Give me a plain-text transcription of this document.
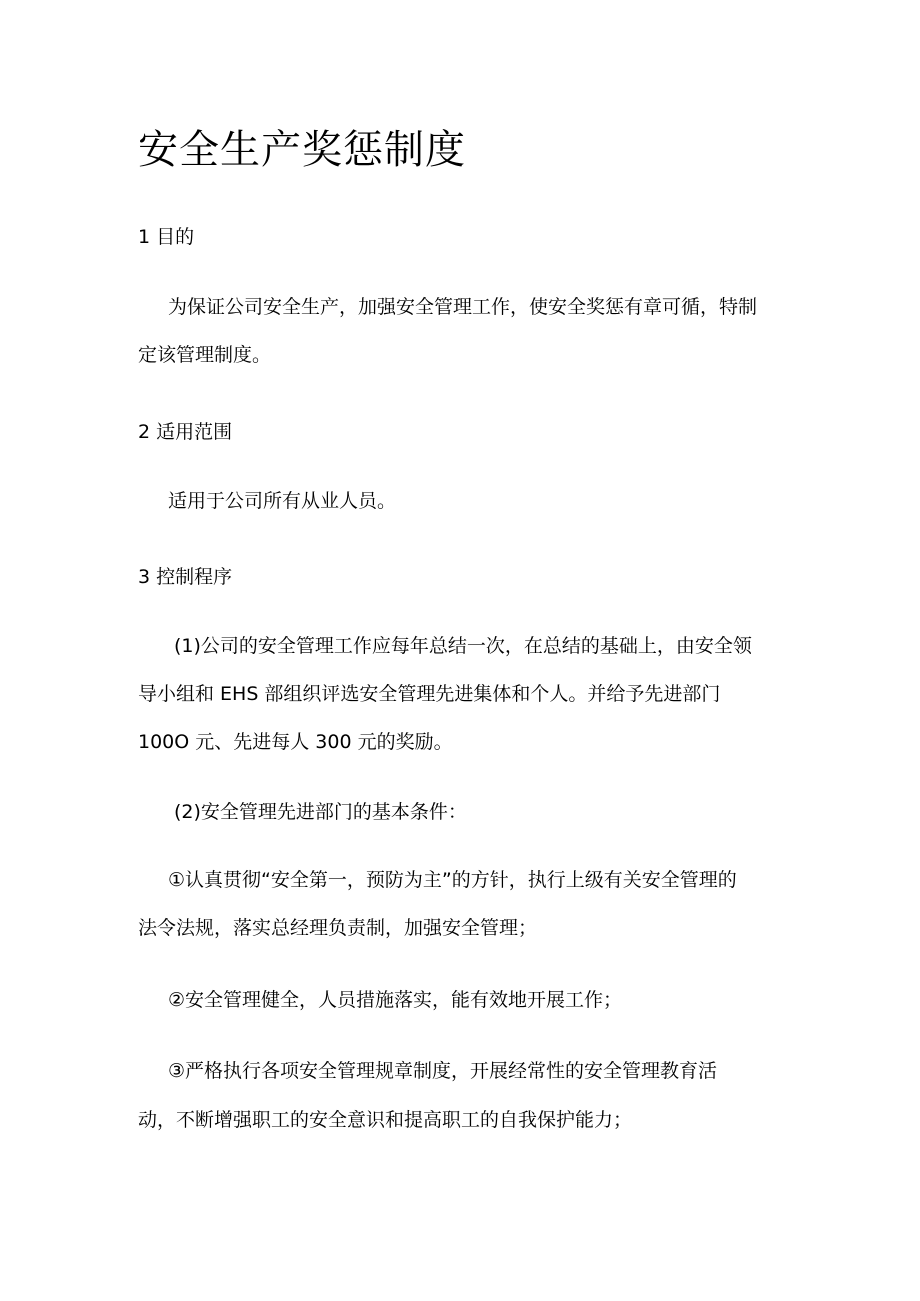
安全生产奖惩制度
1 目的
为保证公司安全生产，加强安全管理工作，使安全奖惩有章可循，特制
定该管理制度。
2 适用范围
适用于公司所有从业人员。
3 控制程序
(1)公司的安全管理工作应每年总结一次，在总结的基础上，由安全领
导小组和 EHS 部组织评选安全管理先进集体和个人。并给予先进部门
100O 元、先进每人 300 元的奖励。
(2)安全管理先进部门的基本条件：
①认真贯彻“安全第一，预防为主”的方针，执行上级有关安全管理的
法令法规，落实总经理负责制，加强安全管理；
②安全管理健全，人员措施落实，能有效地开展工作；
③严格执行各项安全管理规章制度，开展经常性的安全管理教育活
动，不断增强职工的安全意识和提高职工的自我保护能力；
